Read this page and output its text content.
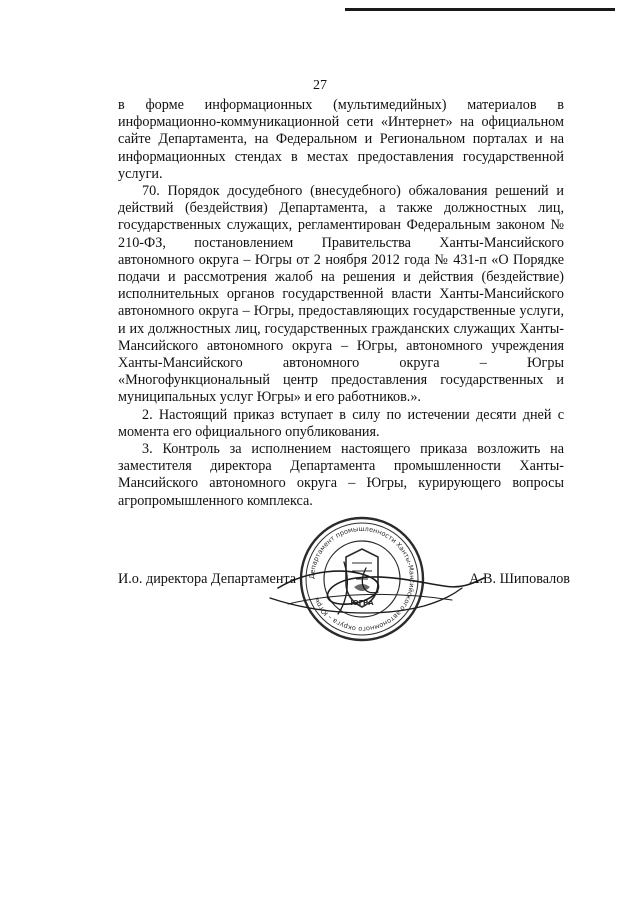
27

в форме информационных (мультимедийных) материалов в информационно-коммуникационной сети «Интернет» на официальном сайте Департамента, на Федеральном и Региональном порталах и на информационных стендах в местах предоставления государственной услуги.

70. Порядок досудебного (внесудебного) обжалования решений и действий (бездействия) Департамента, а также должностных лиц, государственных служащих, регламентирован Федеральным законом № 210-ФЗ, постановлением Правительства Ханты-Мансийского автономного округа – Югры от 2 ноября 2012 года № 431-п «О Порядке подачи и рассмотрения жалоб на решения и действия (бездействие) исполнительных органов государственной власти Ханты-Мансийского автономного округа – Югры, предоставляющих государственные услуги, и их должностных лиц, государственных гражданских служащих Ханты-Мансийского автономного округа – Югры, автономного учреждения Ханты-Мансийского автономного округа – Югры «Многофункциональный центр предоставления государственных и муниципальных услуг Югры» и его работников.».

2. Настоящий приказ вступает в силу по истечении десяти дней с момента его официального опубликования.

3. Контроль за исполнением настоящего приказа возложить на заместителя директора Департамента промышленности Ханты-Мансийского автономного округа – Югры, курирующего вопросы агропромышленного комплекса.

Департамент промышленности Ханты-Мансийского автономного округа – Югры	ЮГРА
И.о. директора Департамента	А.В. Шиповалов
